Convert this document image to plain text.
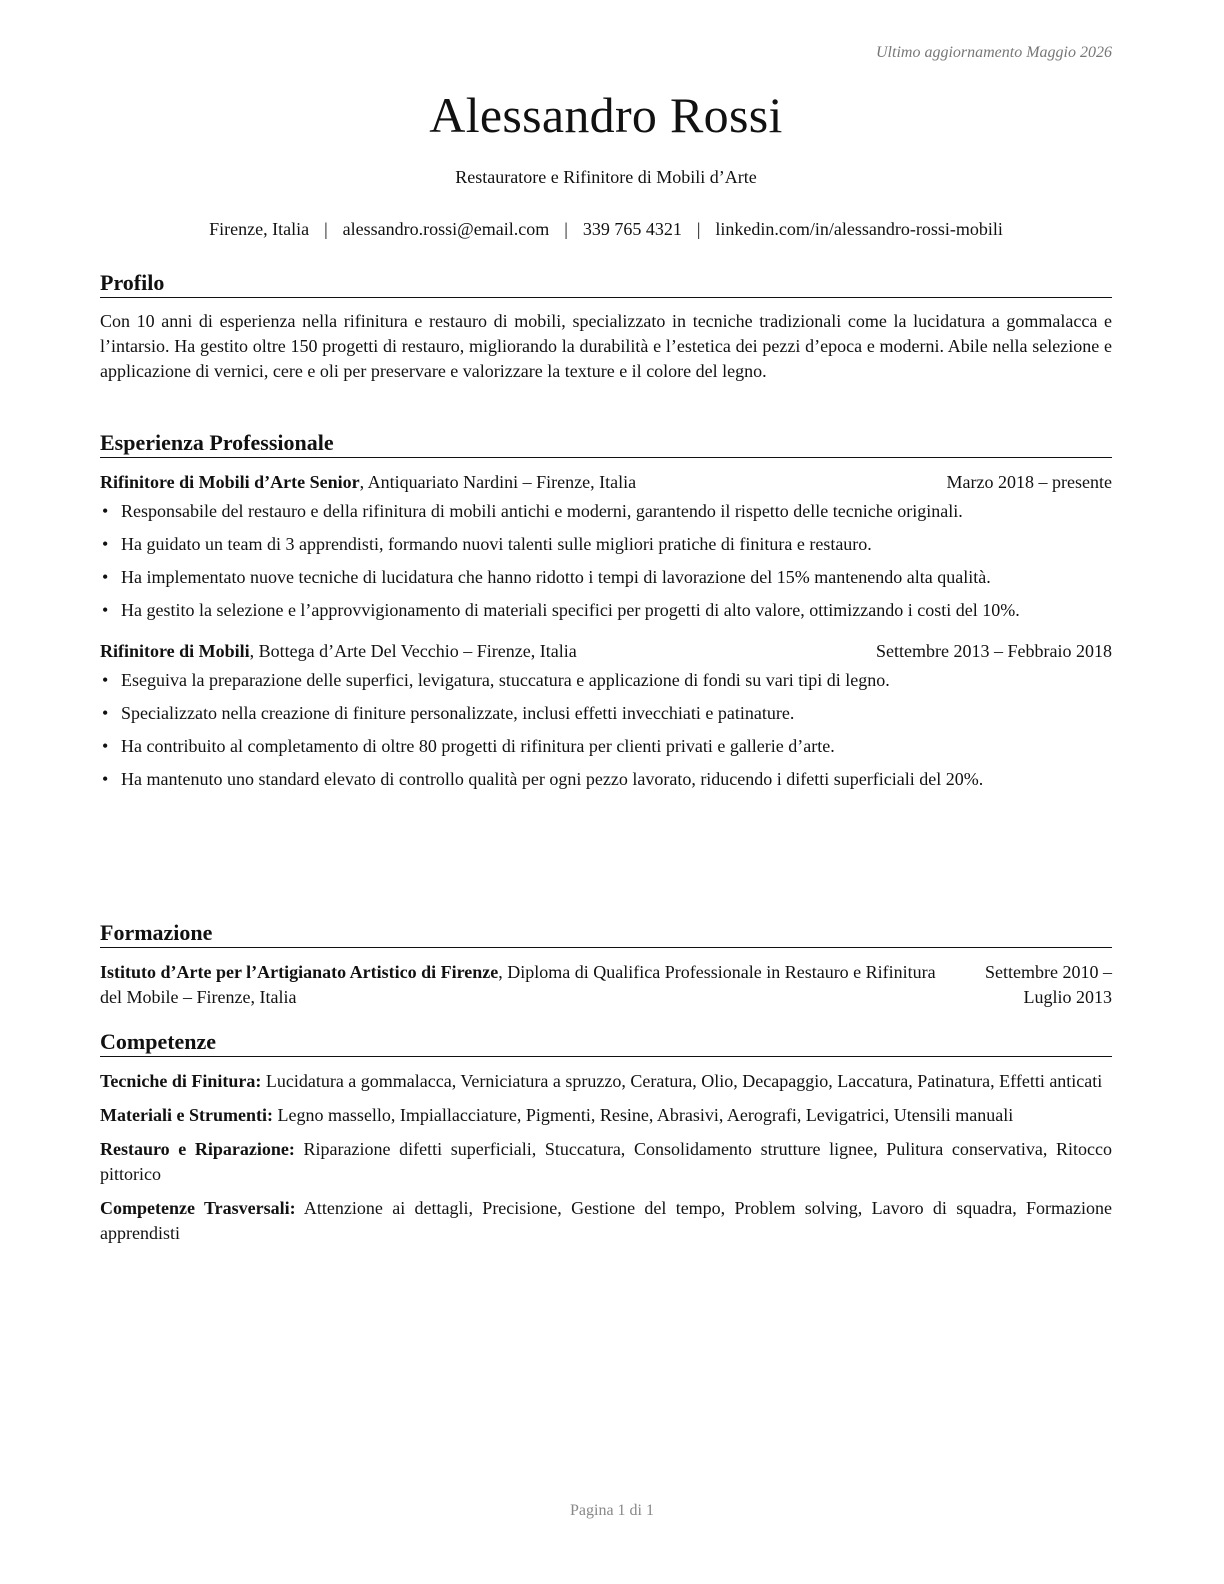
Ultimo aggiornamento Maggio 2026
Alessandro Rossi
Restauratore e Rifinitore di Mobili d’Arte
Firenze, Italia | alessandro.rossi@email.com | 339 765 4321 | linkedin.com/in/alessandro-rossi-mobili
Profilo
Con 10 anni di esperienza nella rifinitura e restauro di mobili, specializzato in tecniche tradizionali come la lucidatura a gommalacca e l’intarsio. Ha gestito oltre 150 progetti di restauro, migliorando la durabilità e l’estetica dei pezzi d’epoca e moderni. Abile nella selezione e applicazione di vernici, cere e oli per preservare e valorizzare la texture e il colore del legno.
Esperienza Professionale
Rifinitore di Mobili d’Arte Senior, Antiquariato Nardini – Firenze, Italia	Marzo 2018 – presente
• Responsabile del restauro e della rifinitura di mobili antichi e moderni, garantendo il rispetto delle tecniche originali.
• Ha guidato un team di 3 apprendisti, formando nuovi talenti sulle migliori pratiche di finitura e restauro.
• Ha implementato nuove tecniche di lucidatura che hanno ridotto i tempi di lavorazione del 15% mantenendo alta qualità.
• Ha gestito la selezione e l’approvvigionamento di materiali specifici per progetti di alto valore, ottimizzando i costi del 10%.
Rifinitore di Mobili, Bottega d’Arte Del Vecchio – Firenze, Italia	Settembre 2013 – Febbraio 2018
• Eseguiva la preparazione delle superfici, levigatura, stuccatura e applicazione di fondi su vari tipi di legno.
• Specializzato nella creazione di finiture personalizzate, inclusi effetti invecchiati e patinature.
• Ha contribuito al completamento di oltre 80 progetti di rifinitura per clienti privati e gallerie d’arte.
• Ha mantenuto uno standard elevato di controllo qualità per ogni pezzo lavorato, riducendo i difetti superficiali del 20%.
Formazione
Istituto d’Arte per l’Artigianato Artistico di Firenze, Diploma di Qualifica Professionale in Restauro e Rifinitura del Mobile – Firenze, Italia
Settembre 2010 – Luglio 2013
Competenze
Tecniche di Finitura: Lucidatura a gommalacca, Verniciatura a spruzzo, Ceratura, Olio, Decapaggio, Laccatura, Patinatura, Effetti anticati
Materiali e Strumenti: Legno massello, Impiallacciature, Pigmenti, Resine, Abrasivi, Aerografi, Levigatrici, Utensili manuali
Restauro e Riparazione: Riparazione difetti superficiali, Stuccatura, Consolidamento strutture lignee, Pulitura conservativa, Ritocco pittorico
Competenze Trasversali: Attenzione ai dettagli, Precisione, Gestione del tempo, Problem solving, Lavoro di squadra, Formazione apprendisti
Pagina 1 di 1
